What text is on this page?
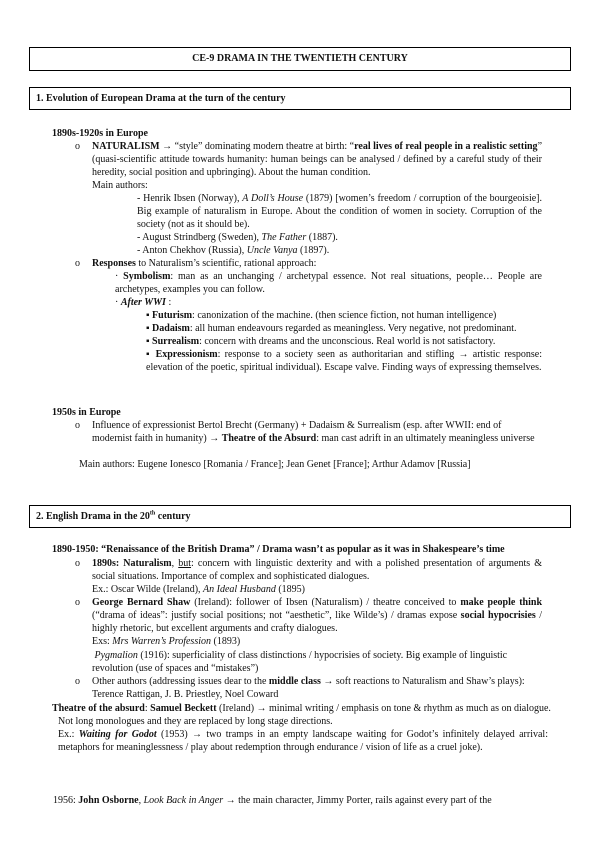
CE-9 DRAMA IN THE TWENTIETH CENTURY
1. Evolution of European Drama at the turn of the century
1890s-1920s in Europe
o NATURALISM → “style” dominating modern theatre at birth: “real lives of real people in a realistic setting” (quasi-scientific attitude towards humanity: human beings can be analysed / defined by a careful study of their heredity, social position and upbringing). About the human condition.
Main authors:
- Henrik Ibsen (Norway), A Doll’s House (1879) [women’s freedom / corruption of the bourgeoisie]. Big example of naturalism in Europe. About the condition of women in society. Corruption of the society (not as it should be).
- August Strindberg (Sweden), The Father (1887).
- Anton Chekhov (Russia), Uncle Vanya (1897).
o Responses to Naturalism’s scientific, rational approach:
· Symbolism: man as an unchanging / archetypal essence. Not real situations, people… People are archetypes, examples you can follow.
· After WWI :
▪ Futurism: canonization of the machine. (then science fiction, not human intelligence)
▪ Dadaism: all human endeavours regarded as meaningless. Very negative, not predominant.
▪ Surrealism: concern with dreams and the unconscious. Real world is not satisfactory.
▪ Expressionism: response to a society seen as authoritarian and stifling → artistic response: elevation of the poetic, spiritual individual). Escape valve. Finding ways of expressing themselves.
1950s in Europe
o Influence of expressionist Bertol Brecht (Germany) + Dadaism & Surrealism (esp. after WWII: end of modernist faith in humanity) → Theatre of the Absurd: man cast adrift in an ultimately meaningless universe
Main authors: Eugene Ionesco [Romania / France]; Jean Genet [France]; Arthur Adamov [Russia]
2. English Drama in the 20th century
1890-1950: “Renaissance of the British Drama” / Drama wasn’t as popular as it was in Shakespeare’s time
o 1890s: Naturalism, but: concern with linguistic dexterity and with a polished presentation of arguments & social situations. Importance of complex and sophisticated dialogues.
Ex.: Oscar Wilde (Ireland), An Ideal Husband (1895)
o George Bernard Shaw (Ireland): follower of Ibsen (Naturalism) / theatre conceived to make people think (“drama of ideas”: justify social positions; not “aesthetic”, like Wilde’s) / dramas expose social hypocrisies / highly rhetoric, but excellent arguments and crafty dialogues.
Exs: Mrs Warren’s Profession (1893)
Pygmalion (1916): superficiality of class distinctions / hypocrisies of society. Big example of linguistic revolution (use of spaces and “mistakes”)
o Other authors (addressing issues dear to the middle class → soft reactions to Naturalism and Shaw’s plays): Terence Rattigan, J. B. Priestley, Noel Coward
Theatre of the absurd: Samuel Beckett (Ireland) → minimal writing / emphasis on tone & rhythm as much as on dialogue. Not long monologues and they are replaced by long stage directions.
Ex.: Waiting for Godot (1953) → two tramps in an empty landscape waiting for Godot’s infinitely delayed arrival: metaphors for meaninglessness / play about redemption through endurance / vision of life as a cruel joke).
1956: John Osborne, Look Back in Anger → the main character, Jimmy Porter, rails against every part of the
